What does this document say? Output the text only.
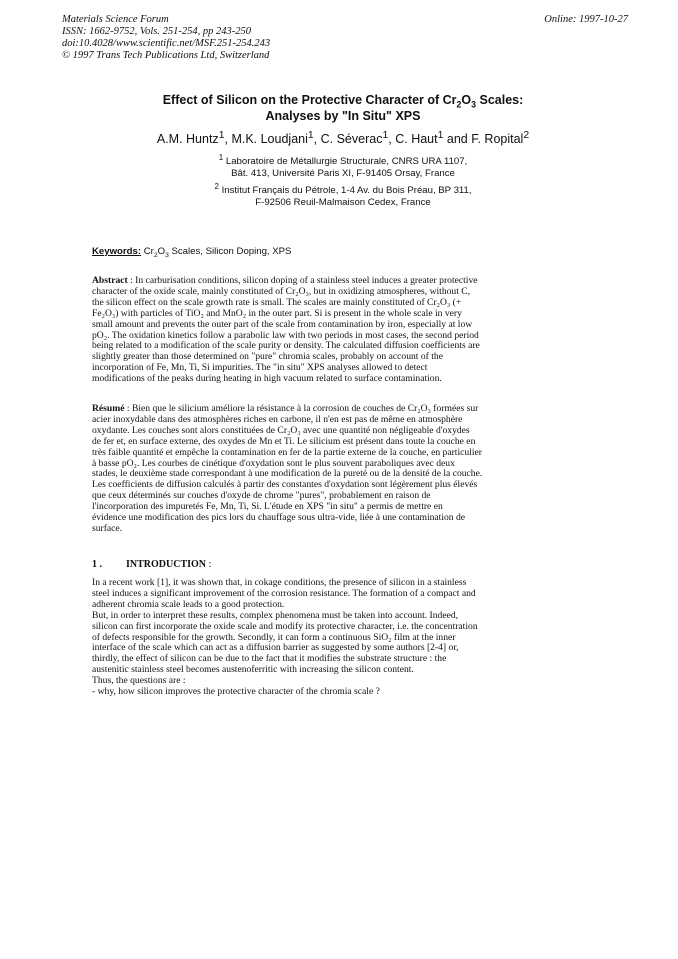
Materials Science Forum
ISSN: 1662-9752, Vols. 251-254, pp 243-250
doi:10.4028/www.scientific.net/MSF.251-254.243
© 1997 Trans Tech Publications Ltd, Switzerland
Online: 1997-10-27
Effect of Silicon on the Protective Character of $Cr_2O_3$ Scales:
Analyses by "In Situ" XPS
A.M. Huntz$^1$, M.K. Loudjani$^1$, C. Séverac$^1$, C. Haut$^1$ and F. Ropital$^2$
$^1$ Laboratoire de Métallurgie Structurale, CNRS URA 1107,
Bât. 413, Université Paris XI, F-91405 Orsay, France
$^2$ Institut Français du Pétrole, 1-4 Av. du Bois Préau, BP 311,
F-92506 Reuil-Malmaison Cedex, France
Keywords: $Cr_2O_3$ Scales, Silicon Doping, XPS
Abstract : In carburisation conditions, silicon doping of a stainless steel induces a greater protective
character of the oxide scale, mainly constituted of Cr₂O₃, but in oxidizing atmospheres, without C,
the silicon effect on the scale growth rate is small. The scales are mainly constituted of Cr₂O₃ (+
Fe₂O₃) with particles of TiO₂ and MnO₂ in the outer part. Si is present in the whole scale in very
small amount and prevents the outer part of the scale from contamination by iron, especially at low
pO₂. The oxidation kinetics follow a parabolic law with two periods in most cases, the second period
being related to a modification of the scale purity or density. The calculated diffusion coefficients are
slightly greater than those determined on "pure" chromia scales, probably on account of the
incorporation of Fe, Mn, Ti, Si impurities. The "in situ" XPS analyses allowed to detect
modifications of the peaks during heating in high vacuum related to surface contamination.
Résumé : Bien que le silicium améliore la résistance à la corrosion de couches de Cr₂O₃ formées sur
acier inoxydable dans des atmosphères riches en carbone, il n'en est pas de même en atmosphère
oxydante. Les couches sont alors constituées de Cr₂O₃ avec une quantité non négligeable d'oxydes
de fer et, en surface externe, des oxydes de Mn et Ti. Le silicium est présent dans toute la couche en
très faible quantité et empêche la contamination en fer de la partie externe de la couche, en particulier
à basse pO₂. Les courbes de cinétique d'oxydation sont le plus souvent paraboliques avec deux
stades, le deuxième stade correspondant à une modification de la pureté ou de la densité de la couche.
Les coefficients de diffusion calculés à partir des constantes d'oxydation sont légèrement plus élevés
que ceux déterminés sur couches d'oxyde de chrome "pures", probablement en raison de
l'incorporation des impuretés Fe, Mn, Ti, Si. L'étude en XPS "in situ" a permis de mettre en
évidence une modification des pics lors du chauffage sous ultra-vide, liée à une contamination de
surface.
1 . INTRODUCTION :
In a recent work [1], it was shown that, in cokage conditions, the presence of silicon in a stainless
steel induces a significant improvement of the corrosion resistance. The formation of a compact and
adherent chromia scale leads to a good protection.
But, in order to interpret these results, complex phenomena must be taken into account. Indeed,
silicon can first incorporate the oxide scale and modify its protective character, i.e. the concentration
of defects responsible for the growth. Secondly, it can form a continuous SiO₂ film at the inner
interface of the scale which can act as a diffusion barrier as suggested by some authors [2-4] or,
thirdly, the effect of silicon can be due to the fact that it modifies the substrate structure : the
austenitic stainless steel becomes austenoferritic with increasing the silicon content.
Thus, the questions are :
- why, how silicon improves the protective character of the chromia scale ?
